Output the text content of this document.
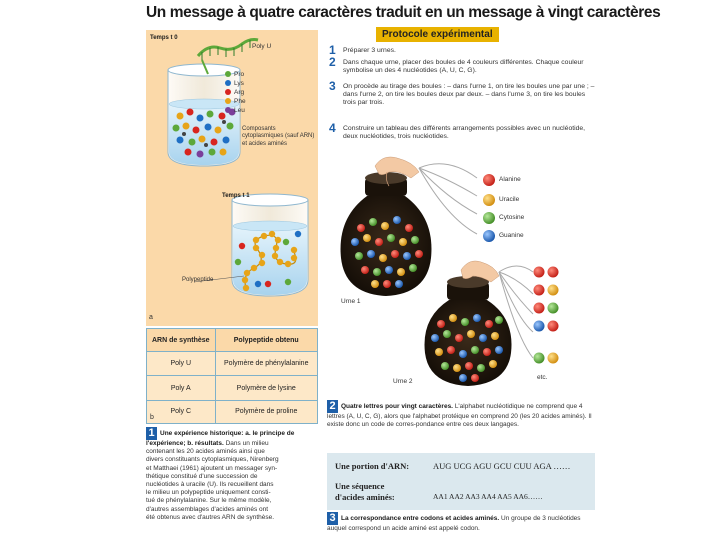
Un message à quatre caractères traduit en un message à vingt caractères
Temps t 0
Poly U
Pro
Lys
Arg
Phe
Leu
Composants cytoplasmiques (sauf ARN) et acides aminés
Temps t 1
Polypeptide
a
ARN de synthèse	Polypeptide obtenu
Poly U	Polymère de phénylalanine
Poly A	Polymère de lysine
Poly C	Polymère de proline
b
1 Une expérience historique: a. le principe de l'expérience; b. résultats. Dans un milieu
contenant les 20 acides aminés ainsi que
divers constituants cytoplasmiques, Nirenberg
et Matthaei (1961) ajoutent un messager syn-
thétique constitué d'une succession de
nucléotides à uracile (U). Ils recueillent dans
le milieu un polypeptide uniquement consti-
tué de phénylalanine. Sur le même modèle,
d'autres assemblages d'acides aminés ont
été obtenus avec d'autres ARN de synthèse.
Protocole expérimental
1 Préparer 3 urnes.
2 Dans chaque urne, placer des boules de 4 couleurs différentes. Chaque couleur symbolise un des 4 nucléotides (A, U, C, G).
3 On procède au tirage des boules : – dans l'urne 1, on tire les boules une par une ; – dans l'urne 2, on tire les boules deux par deux. – dans l'urne 3, on tire les boules trois par trois.
4 Construire un tableau des différents arrangements possibles avec un nucléotide, deux nucléotides, trois nucléotides.
Alanine
Uracile
Cytosine
Guanine
Urne 1
Urne 2
etc.
2 Quatre lettres pour vingt caractères. L'alphabet nucléotidique ne comprend que 4 lettres (A, U, C, G), alors que l'alphabet protéique en comprend 20 (les 20 acides aminés). Il existe donc un code de corres-pondance entre ces deux langages.
Une portion d'ARN:	AUG UCG AGU GCU CUU AGA ……
Une séquence
d'acides aminés:	AA1 AA2 AA3 AA4 AA5 AA6……
3 La correspondance entre codons et acides aminés. Un groupe de 3 nucléotides auquel correspond un acide aminé est appelé codon.
